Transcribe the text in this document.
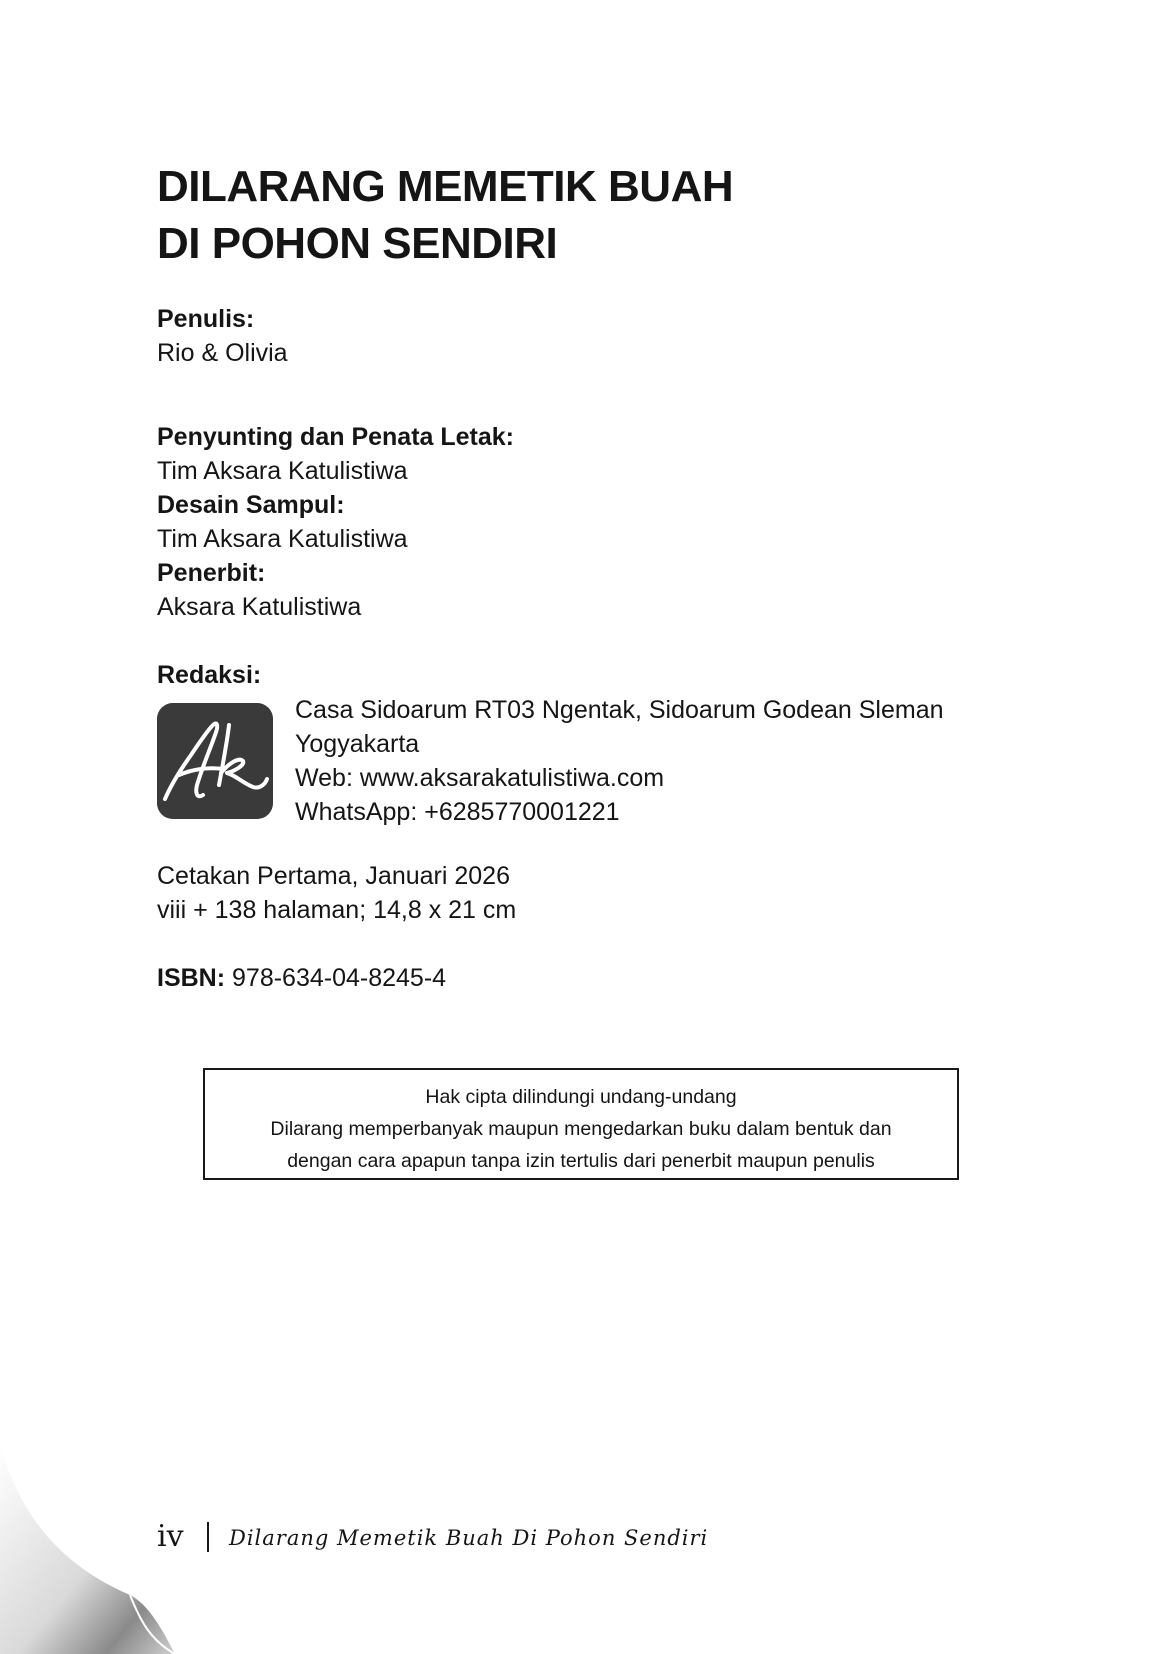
DILARANG MEMETIK BUAH
DI POHON SENDIRI
Penulis:
Rio & Olivia
Penyunting dan Penata Letak:
Tim Aksara Katulistiwa
Desain Sampul:
Tim Aksara Katulistiwa
Penerbit:
Aksara Katulistiwa
Redaksi:
Casa Sidoarum RT03 Ngentak, Sidoarum Godean Sleman
Yogyakarta
Web: www.aksarakatulistiwa.com
WhatsApp: +6285770001221
Cetakan Pertama, Januari 2026
viii + 138 halaman; 14,8 x 21 cm
ISBN: 978-634-04-8245-4
Hak cipta dilindungi undang-undang
Dilarang memperbanyak maupun mengedarkan buku dalam bentuk dan
dengan cara apapun tanpa izin tertulis dari penerbit maupun penulis
iv Dilarang Memetik Buah Di Pohon Sendiri
